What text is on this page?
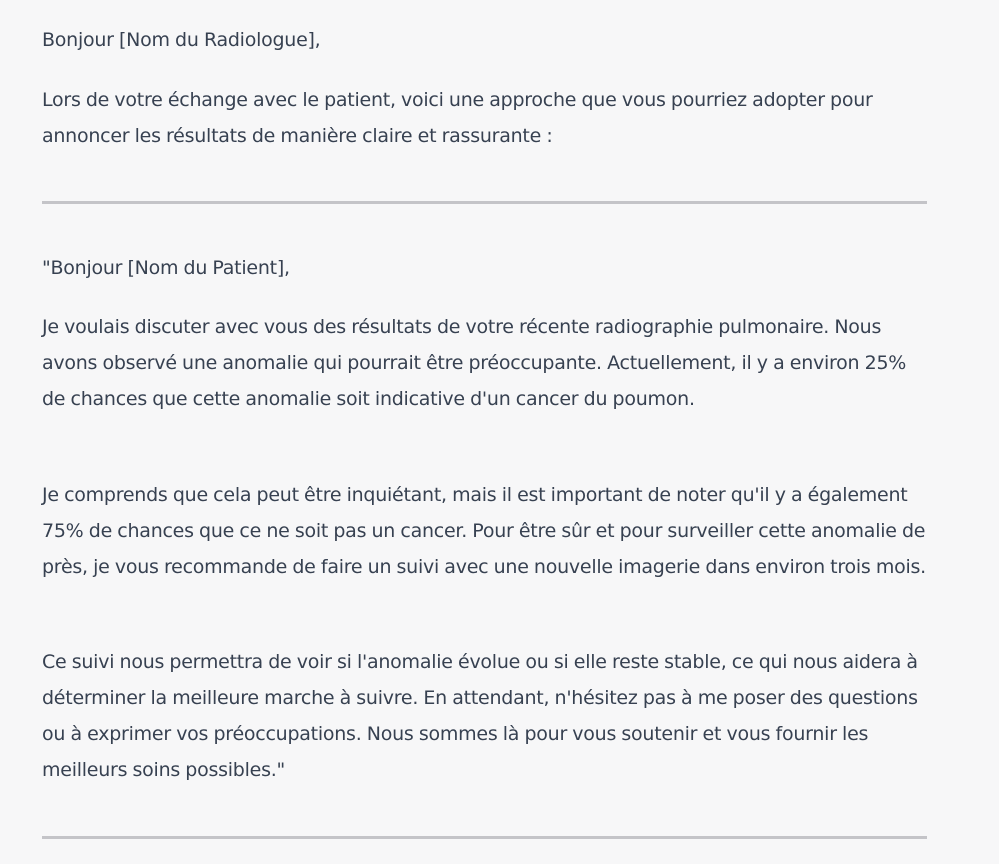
Bonjour [Nom du Radiologue],

Lors de votre échange avec le patient, voici une approche que vous pourriez adopter pour annoncer les résultats de manière claire et rassurante :

"Bonjour [Nom du Patient],

Je voulais discuter avec vous des résultats de votre récente radiographie pulmonaire. Nous avons observé une anomalie qui pourrait être préoccupante. Actuellement, il y a environ 25% de chances que cette anomalie soit indicative d'un cancer du poumon.

Je comprends que cela peut être inquiétant, mais il est important de noter qu'il y a également 75% de chances que ce ne soit pas un cancer. Pour être sûr et pour surveiller cette anomalie de près, je vous recommande de faire un suivi avec une nouvelle imagerie dans environ trois mois.

Ce suivi nous permettra de voir si l'anomalie évolue ou si elle reste stable, ce qui nous aidera à déterminer la meilleure marche à suivre. En attendant, n'hésitez pas à me poser des questions ou à exprimer vos préoccupations. Nous sommes là pour vous soutenir et vous fournir les meilleurs soins possibles."
